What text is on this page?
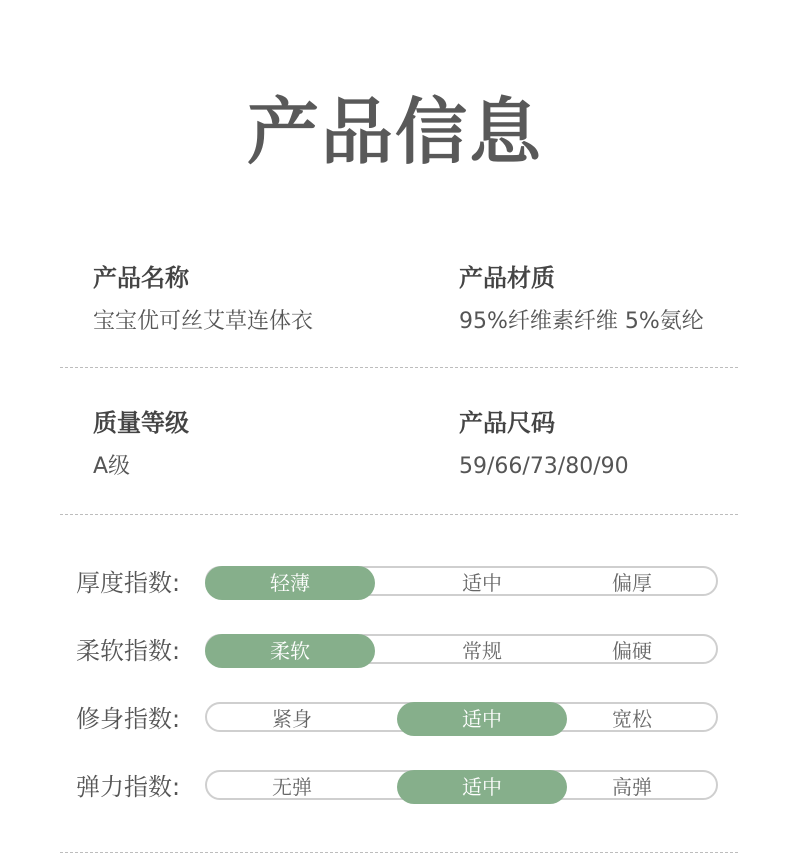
产品信息
产品名称
宝宝优可丝艾草连体衣
产品材质
95%纤维素纤维 5%氨纶
质量等级
A级
产品尺码
59/66/73/80/90
厚度指数:	轻薄	适中	偏厚
柔软指数:	柔软	常规	偏硬
修身指数:	紧身	适中	宽松
弹力指数:	无弹	适中	高弹
